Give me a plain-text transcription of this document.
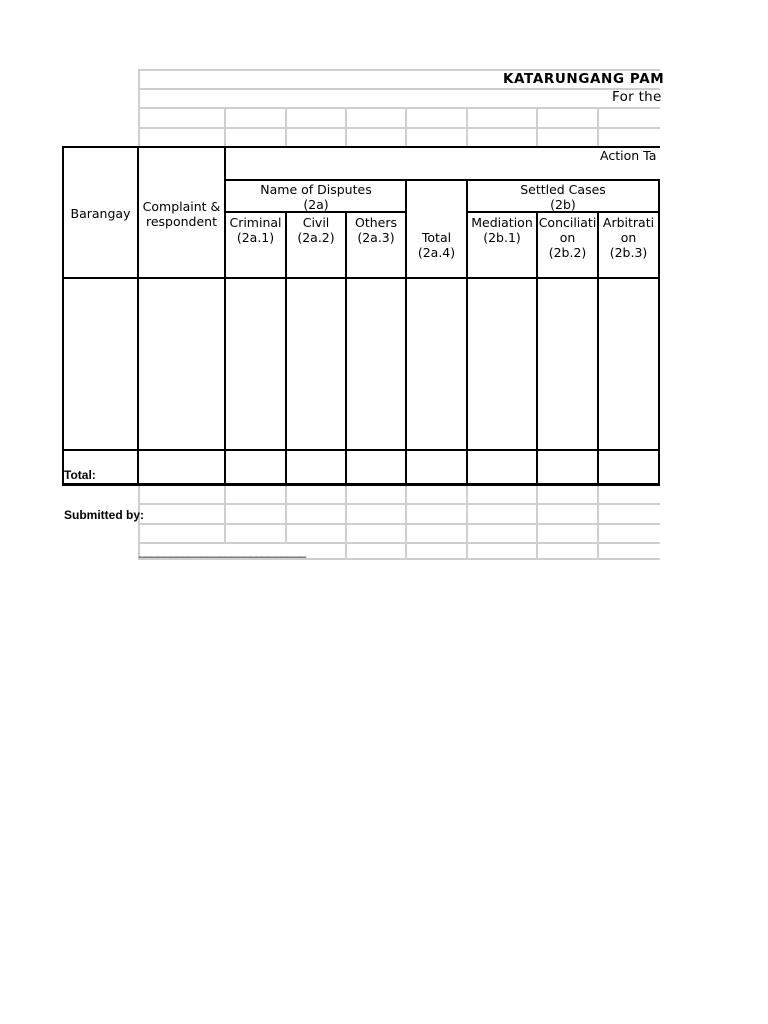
KATARUNGANG PAM
For the
Barangay Complaint &
respondent
Action Ta
Name of Disputes
(2a)
Settled Cases
(2b)
Criminal
(2a.1)
Civil
(2a.2)
Others
(2a.3)	Total
(2a.4)
Mediation
(2b.1)
Conciliati
on
(2b.2)
Arbitrati
on
(2b.3)
Total:
Submitted by:
___________________________
